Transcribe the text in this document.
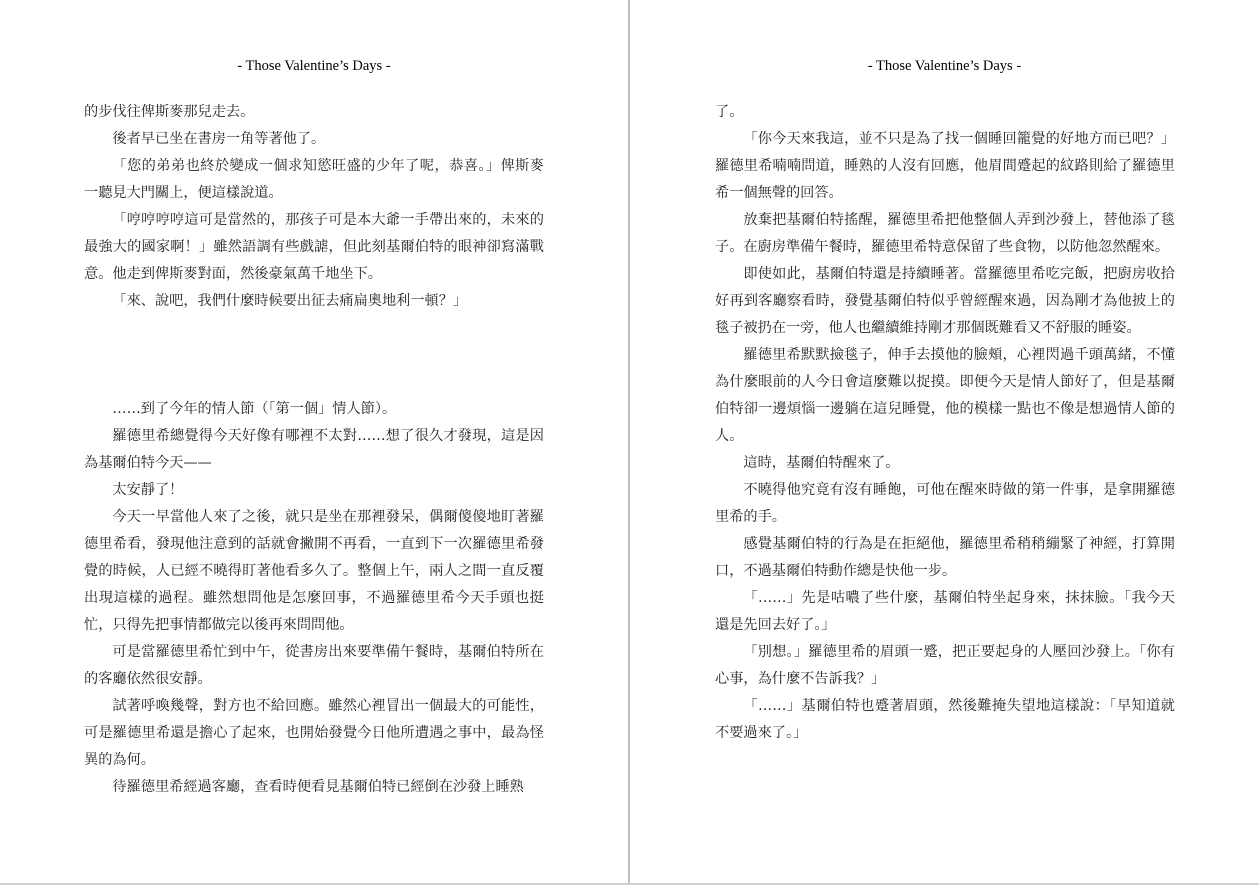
- Those Valentine’s Days -

的步伐往俾斯麥那兒走去。

後者早已坐在書房一角等著他了。

「您的弟弟也終於變成一個求知慾旺盛的少年了呢，恭喜。」俾斯麥一聽見大門關上，便這樣說道。

「哼哼哼哼這可是當然的，那孩子可是本大爺一手帶出來的，未來的最強大的國家啊！」雖然語調有些戲謔，但此刻基爾伯特的眼神卻寫滿戰意。他走到俾斯麥對面，然後豪氣萬千地坐下。

「來、說吧，我們什麼時候要出征去痛扁奧地利一頓？」

……到了今年的情人節（「第一個」情人節）。

羅德里希總覺得今天好像有哪裡不太對……想了很久才發現，這是因為基爾伯特今天——

太安靜了！

今天一早當他人來了之後，就只是坐在那裡發呆，偶爾傻傻地盯著羅德里希看，發現他注意到的話就會撇開不再看，一直到下一次羅德里希發覺的時候，人已經不曉得盯著他看多久了。整個上午，兩人之間一直反覆出現這樣的過程。雖然想問他是怎麼回事，不過羅德里希今天手頭也挺忙，只得先把事情都做完以後再來問問他。

可是當羅德里希忙到中午，從書房出來要準備午餐時，基爾伯特所在的客廳依然很安靜。

試著呼喚幾聲，對方也不給回應。雖然心裡冒出一個最大的可能性，可是羅德里希還是擔心了起來，也開始發覺今日他所遭遇之事中，最為怪異的為何。

待羅德里希經過客廳，查看時便看見基爾伯特已經倒在沙發上睡熟

- Those Valentine’s Days -

了。

「你今天來我這，並不只是為了找一個睡回籠覺的好地方而已吧？」羅德里希喃喃問道，睡熟的人沒有回應，他眉間蹙起的紋路則給了羅德里希一個無聲的回答。

放棄把基爾伯特搖醒，羅德里希把他整個人弄到沙發上，替他添了毯子。在廚房準備午餐時，羅德里希特意保留了些食物，以防他忽然醒來。

即使如此，基爾伯特還是持續睡著。當羅德里希吃完飯，把廚房收拾好再到客廳察看時，發覺基爾伯特似乎曾經醒來過，因為剛才為他披上的毯子被扔在一旁，他人也繼續維持剛才那個既難看又不舒服的睡姿。

羅德里希默默撿毯子，伸手去摸他的臉頰，心裡閃過千頭萬緒，不懂為什麼眼前的人今日會這麼難以捉摸。即便今天是情人節好了，但是基爾伯特卻一邊煩惱一邊躺在這兒睡覺，他的模樣一點也不像是想過情人節的人。

這時，基爾伯特醒來了。

不曉得他究竟有沒有睡飽，可他在醒來時做的第一件事，是拿開羅德里希的手。

感覺基爾伯特的行為是在拒絕他，羅德里希稍稍繃緊了神經，打算開口，不過基爾伯特動作總是快他一步。

「……」先是咕噥了些什麼，基爾伯特坐起身來，抹抹臉。「我今天還是先回去好了。」

「別想。」羅德里希的眉頭一蹙，把正要起身的人壓回沙發上。「你有心事，為什麼不告訴我？」

「……」基爾伯特也蹙著眉頭，然後難掩失望地這樣說：「早知道就不要過來了。」
